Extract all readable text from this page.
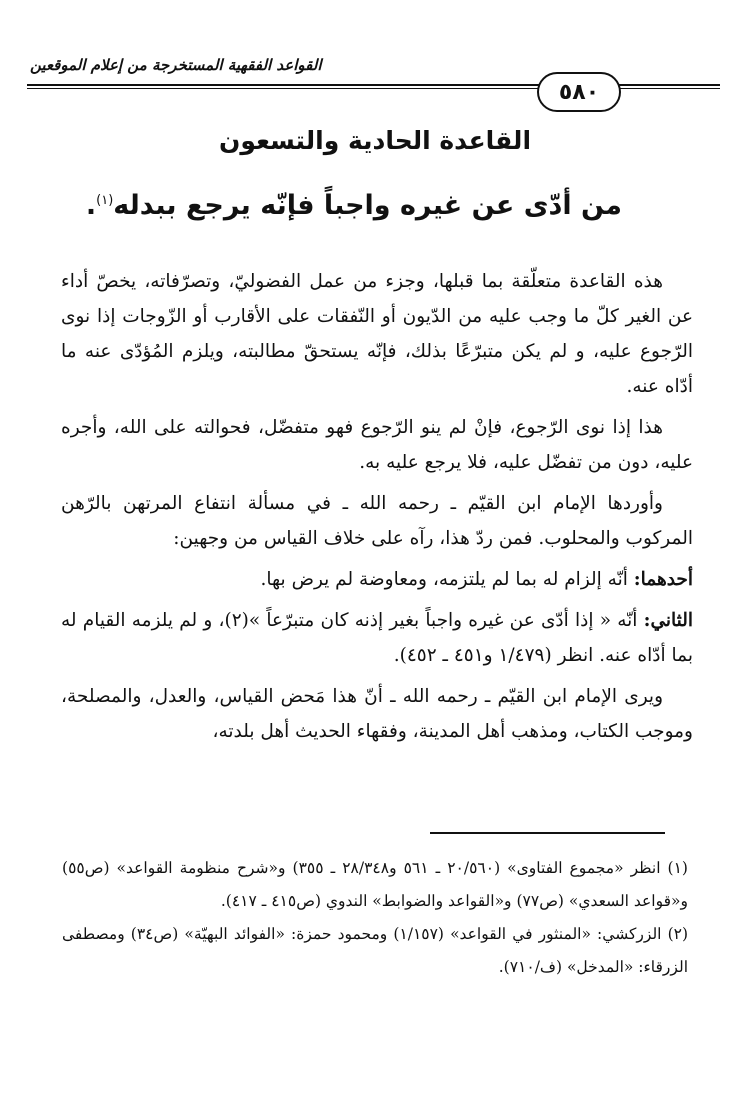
القواعد الفقهية المستخرجة من إعلام الموقعين
٥٨٠
القاعدة الحادية والتسعون
من أدّى عن غيره واجباً فإنّه يرجع ببدله$^{(١)}$.

هذه القاعدة متعلّقة بما قبلها، وجزء من عمل الفضوليّ، وتصرّفاته، يخصّ أداء عن الغير كلّ ما وجب عليه من الدّيون أو النّفقات على الأقارب أو الزّوجات إذا نوى الرّجوع عليه، و لم يكن متبرّعًا بذلك، فإنّه يستحقّ مطالبته، ويلزم المُؤدّى عنه ما أدّاه عنه.

هذا إذا نوى الرّجوع، فإنْ لم ينو الرّجوع فهو متفضّل، فحوالته على الله، وأجره عليه، دون من تفضّل عليه، فلا يرجع عليه به.

وأوردها الإمام ابن القيّم ـ رحمه الله ـ في مسألة انتفاع المرتهن بالرّهن المركوب والمحلوب. فمن ردّ هذا، رآه على خلاف القياس من وجهين:

أحدهما: أنّه إلزام له بما لم يلتزمه، ومعاوضة لم يرض بها.

الثاني: أنّه « إذا أدّى عن غيره واجباً بغير إذنه كان متبرّعاً »(٢)، و لم يلزمه القيام له بما أدّاه عنه. انظر (١/٤٧٩ و٤٥١ ـ ٤٥٢).

ويرى الإمام ابن القيّم ـ رحمه الله ـ أنّ هذا مَحض القياس، والعدل، والمصلحة، وموجب الكتاب، ومذهب أهل المدينة، وفقهاء الحديث أهل بلدته،

(١) انظر «مجموع الفتاوى» (٢٠/٥٦٠ ـ ٥٦١ و٢٨/٣٤٨ ـ ٣٥٥) و«شرح منظومة القواعد» (ص٥٥) و«قواعد السعدي» (ص٧٧) و«القواعد والضوابط» الندوي (ص٤١٥ ـ ٤١٧).

(٢) الزركشي: «المنثور في القواعد» (١/١٥٧) ومحمود حمزة: «الفوائد البهيّة» (ص٣٤) ومصطفى الزرقاء: «المدخل» (ف/٧١٠).
